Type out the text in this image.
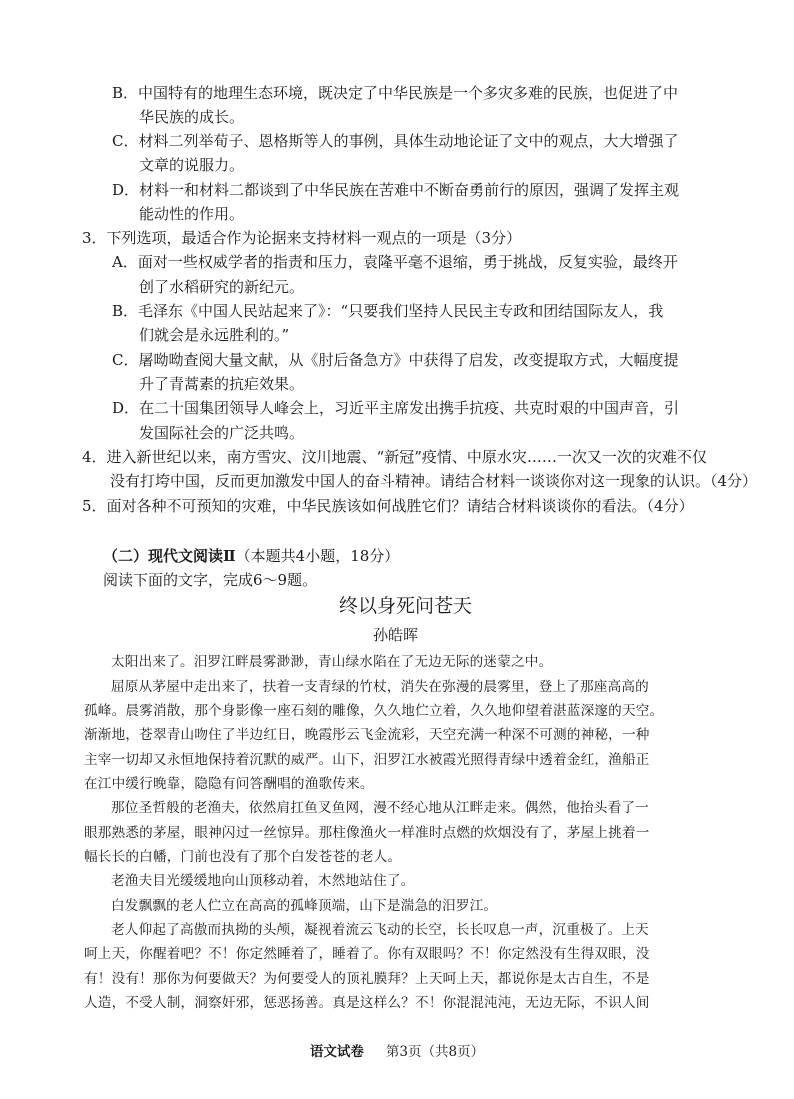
B．中国特有的地理生态环境，既决定了中华民族是一个多灾多难的民族，也促进了中
华民族的成长。
C．材料二列举荀子、恩格斯等人的事例，具体生动地论证了文中的观点，大大增强了
文章的说服力。
D．材料一和材料二都谈到了中华民族在苦难中不断奋勇前行的原因，强调了发挥主观
能动性的作用。
3．下列选项，最适合作为论据来支持材料一观点的一项是（3分）
A．面对一些权威学者的指责和压力，袁隆平毫不退缩，勇于挑战，反复实验，最终开
创了水稻研究的新纪元。
B．毛泽东《中国人民站起来了》：“只要我们坚持人民民主专政和团结国际友人，我
们就会是永远胜利的。”
C．屠呦呦查阅大量文献，从《肘后备急方》中获得了启发，改变提取方式，大幅度提
升了青蒿素的抗疟效果。
D．在二十国集团领导人峰会上，习近平主席发出携手抗疫、共克时艰的中国声音，引
发国际社会的广泛共鸣。
4．进入新世纪以来，南方雪灾、汶川地震、“新冠”疫情、中原水灾……一次又一次的灾难不仅
没有打垮中国，反而更加激发中国人的奋斗精神。请结合材料一谈谈你对这一现象的认识。（4分）
5．面对各种不可预知的灾难，中华民族该如何战胜它们？请结合材料谈谈你的看法。（4分）
（二）现代文阅读Ⅱ（本题共4小题，18分）
阅读下面的文字，完成6～9题。
终以身死问苍天
孙皓晖
太阳出来了。汨罗江畔晨雾渺渺，青山绿水陷在了无边无际的迷蒙之中。
屈原从茅屋中走出来了，扶着一支青绿的竹杖，消失在弥漫的晨雾里，登上了那座高高的
孤峰。晨雾消散，那个身影像一座石刻的雕像，久久地伫立着，久久地仰望着湛蓝深邃的天空。
渐渐地，苍翠青山吻住了半边红日，晚霞彤云飞金流彩，天空充满一种深不可测的神秘，一种
主宰一切却又永恒地保持着沉默的威严。山下，汨罗江水被霞光照得青绿中透着金红，渔船正
在江中缓行晚靠，隐隐有问答酬唱的渔歌传来。
那位圣哲般的老渔夫，依然肩扛鱼叉鱼网，漫不经心地从江畔走来。偶然，他抬头看了一
眼那熟悉的茅屋，眼神闪过一丝惊异。那柱像渔火一样准时点燃的炊烟没有了，茅屋上挑着一
幅长长的白幡，门前也没有了那个白发苍苍的老人。
老渔夫目光缓缓地向山顶移动着，木然地站住了。
白发飘飘的老人伫立在高高的孤峰顶端，山下是湍急的汨罗江。
老人仰起了高傲而执拗的头颅，凝视着流云飞动的长空，长长叹息一声，沉重极了。上天
呵上天，你醒着吧？不！你定然睡着了，睡着了。你有双眼吗？不！你定然没有生得双眼，没
有！没有！那你为何要做天？为何要受人的顶礼膜拜？上天呵上天，都说你是太古自生，不是
人造，不受人制，洞察奸邪，惩恶扬善。真是这样么？不！你混混沌沌，无边无际，不识人间
语文试卷 第3页（共8页）
